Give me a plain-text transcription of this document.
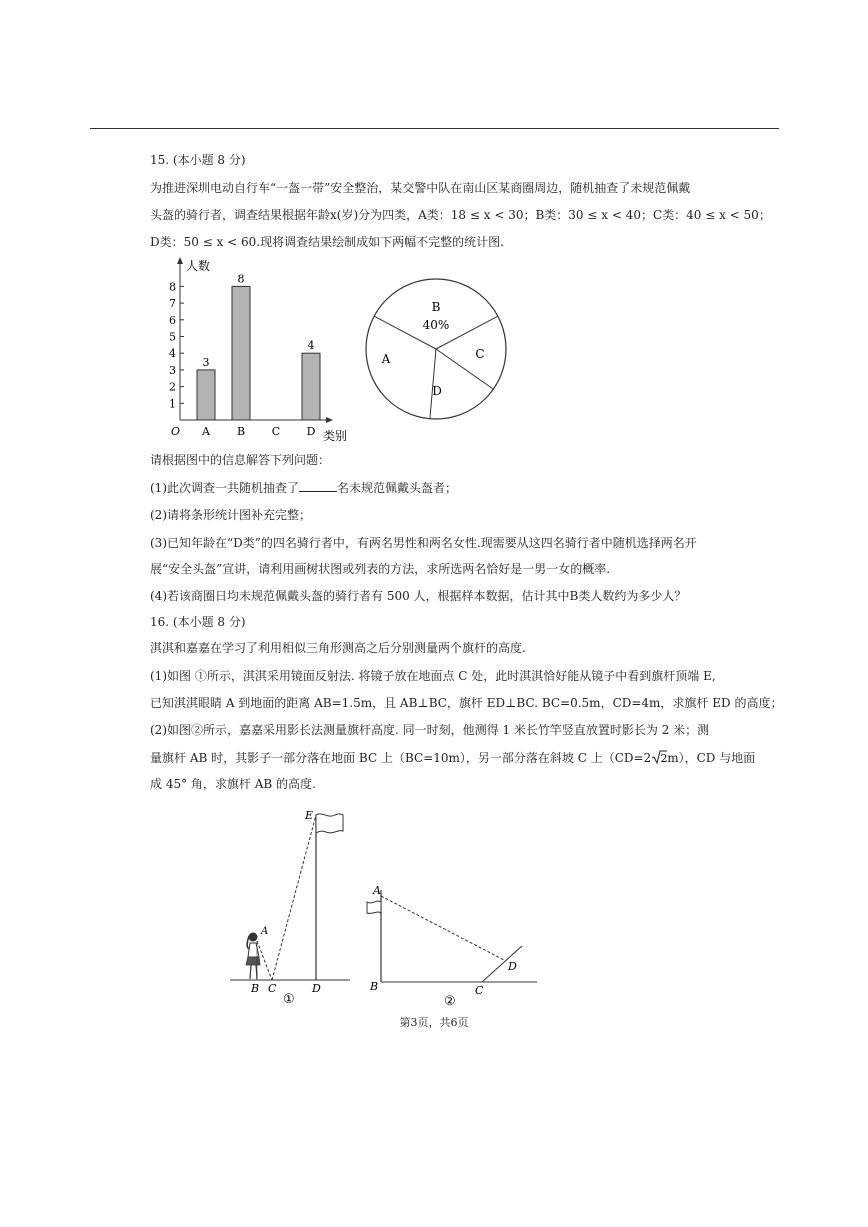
15. (本小题 8 分)
为推进深圳电动自行车“一盔一带”安全整治，某交警中队在南山区某商圈周边，随机抽查了未规范佩戴
头盔的骑行者，调查结果根据年龄x(岁)分为四类，A类：18 ≤ x < 30；B类：30 ≤ x < 40；C类：40 ≤ x < 50；
D类：50 ≤ x < 60.现将调查结果绘制成如下两幅不完整的统计图.
人数
类别
O
1
2
3
4
5
6
7
8
A
3
B
8
C D
4
B
40%
C
D
A
请根据图中的信息解答下列问题：
(1)此次调查一共随机抽查了	名未规范佩戴头盔者；
(2)请将条形统计图补充完整；
(3)已知年龄在“D类”的四名骑行者中，有两名男性和两名女性.现需要从这四名骑行者中随机选择两名开
展“安全头盔”宣讲，请利用画树状图或列表的方法，求所选两名恰好是一男一女的概率.
(4)若该商圈日均未规范佩戴头盔的骑行者有 500 人，根据样本数据，估计其中B类人数约为多少人？
16. (本小题 8 分)
淇淇和嘉嘉在学习了利用相似三角形测高之后分别测量两个旗杆的高度.
(1)如图 ①所示，淇淇采用镜面反射法. 将镜子放在地面点 C 处，此时淇淇恰好能从镜子中看到旗杆顶端 E,
已知淇淇眼睛 A 到地面的距离 AB=1.5m，且 AB⊥BC，旗杆 ED⊥BC. BC=0.5m，CD=4m，求旗杆 ED 的高度；
(2)如图②所示，嘉嘉采用影长法测量旗杆高度. 同一时刻，他测得 1 米长竹竿竖直放置时影长为 2 米；测
量旗杆 AB 时，其影子一部分落在地面 BC 上（BC=10m），另一部分落在斜坡 C 上（CD=2 2 m），CD 与地面
成 45° 角，求旗杆 AB 的高度.
E
A
B C	D
①
A
B	C
D
②
第3页，共6页
